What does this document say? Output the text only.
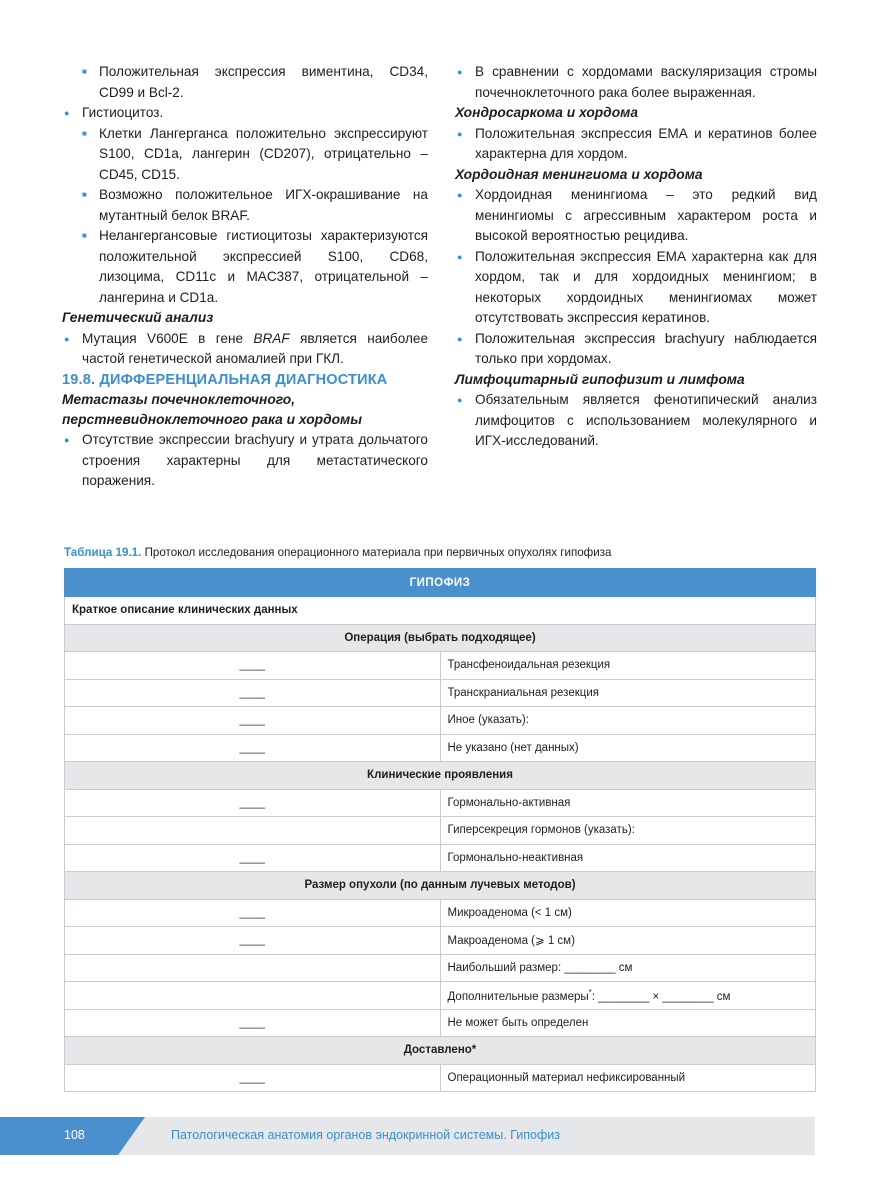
■ Положительная экспрессия виментина, CD34, CD99 и Bcl-2.
● Гистиоцитоз.
■ Клетки Лангерганса положительно экспрессируют S100, CD1a, лангерин (CD207), отрицательно – CD45, CD15.
■ Возможно положительное ИГХ-окрашивание на мутантный белок BRAF.
■ Нелангергансовые гистиоцитозы характеризуются положительной экспрессией S100, CD68, лизоцима, CD11c и MAC387, отрицательной – лангерина и CD1a.

Генетический анализ

● Мутация V600E в гене BRAF является наиболее частой генетической аномалией при ГКЛ.

19.8. ДИФФЕРЕНЦИАЛЬНАЯ ДИАГНОСТИКА

Метастазы почечноклеточного,
перстневидноклеточного рака и хордомы

● Отсутствие экспрессии brachyury и утрата дольчатого строения характерны для метастатического поражения.
● В сравнении с хордомами васкуляризация стромы почечноклеточного рака более выраженная.

Хондросаркома и хордома

● Положительная экспрессия ЕМА и кератинов более характерна для хордом.

Хордоидная менингиома и хордома

● Хордоидная менингиома – это редкий вид менингиомы с агрессивным характером роста и высокой вероятностью рецидива.
● Положительная экспрессия ЕМА характерна как для хордом, так и для хордоидных менингиом; в некоторых хордоидных менингиомах может отсутствовать экспрессия кератинов.
● Положительная экспрессия brachyury наблюдается только при хордомах.

Лимфоцитарный гипофизит и лимфома

● Обязательным является фенотипический анализ лимфоцитов с использованием молекулярного и ИГХ-исследований.
Таблица 19.1. Протокол исследования операционного материала при первичных опухолях гипофиза
ГИПОФИЗ	
Краткое описание клинических данных	
Операция (выбрать подходящее)	
____	Трансфеноидальная резекция
____	Транскраниальная резекция
____	Иное (указать):
____	Не указано (нет данных)
Клинические проявления	
____	Гормонально-активная
	Гиперсекреция гормонов (указать):
____	Гормонально-неактивная
Размер опухоли (по данным лучевых методов)	
____	Микроаденома (< 1 см)
____	Макроаденома (⩾ 1 см)
	Наибольший размер: ________ см
	Дополнительные размеры*: ________ × ________ см
____	Не может быть определен
Доставлено*	
____	Операционный материал нефиксированный
108	Патологическая анатомия органов эндокринной системы. Гипофиз
